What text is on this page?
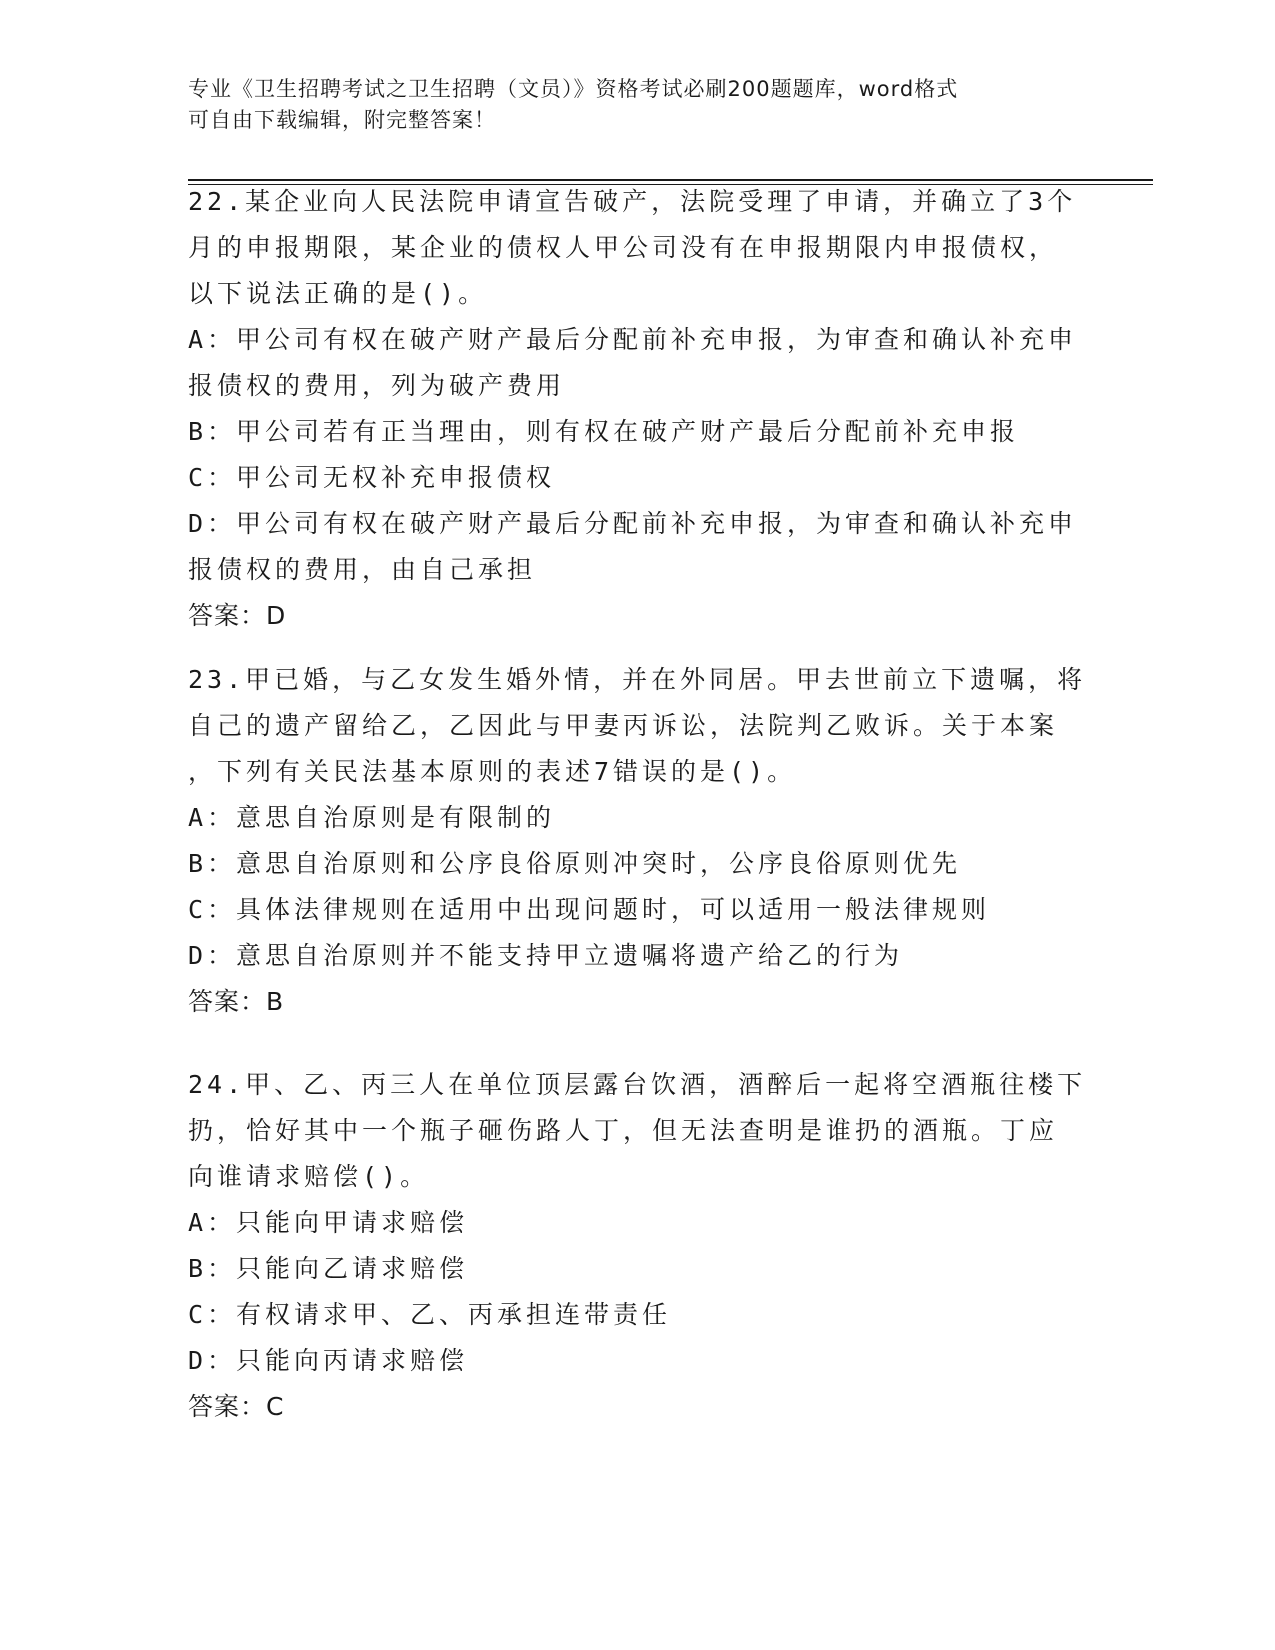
专业《卫生招聘考试之卫生招聘（文员）》资格考试必刷200题题库，word格式
可自由下载编辑，附完整答案！
22.某企业向人民法院申请宣告破产，法院受理了申请，并确立了3个
月的申报期限，某企业的债权人甲公司没有在申报期限内申报债权，
以下说法正确的是()。
A：甲公司有权在破产财产最后分配前补充申报，为审查和确认补充申
报债权的费用，列为破产费用
B：甲公司若有正当理由，则有权在破产财产最后分配前补充申报
C：甲公司无权补充申报债权
D：甲公司有权在破产财产最后分配前补充申报，为审查和确认补充申
报债权的费用，由自己承担
答案：D
23.甲已婚，与乙女发生婚外情，并在外同居。甲去世前立下遗嘱，将
自己的遗产留给乙，乙因此与甲妻丙诉讼，法院判乙败诉。关于本案
，下列有关民法基本原则的表述7错误的是()。
A：意思自治原则是有限制的
B：意思自治原则和公序良俗原则冲突时，公序良俗原则优先
C：具体法律规则在适用中出现问题时，可以适用一般法律规则
D：意思自治原则并不能支持甲立遗嘱将遗产给乙的行为
答案：B
24.甲、乙、丙三人在单位顶层露台饮酒，酒醉后一起将空酒瓶往楼下
扔，恰好其中一个瓶子砸伤路人丁，但无法查明是谁扔的酒瓶。丁应
向谁请求赔偿()。
A：只能向甲请求赔偿
B：只能向乙请求赔偿
C：有权请求甲、乙、丙承担连带责任
D：只能向丙请求赔偿
答案：C
